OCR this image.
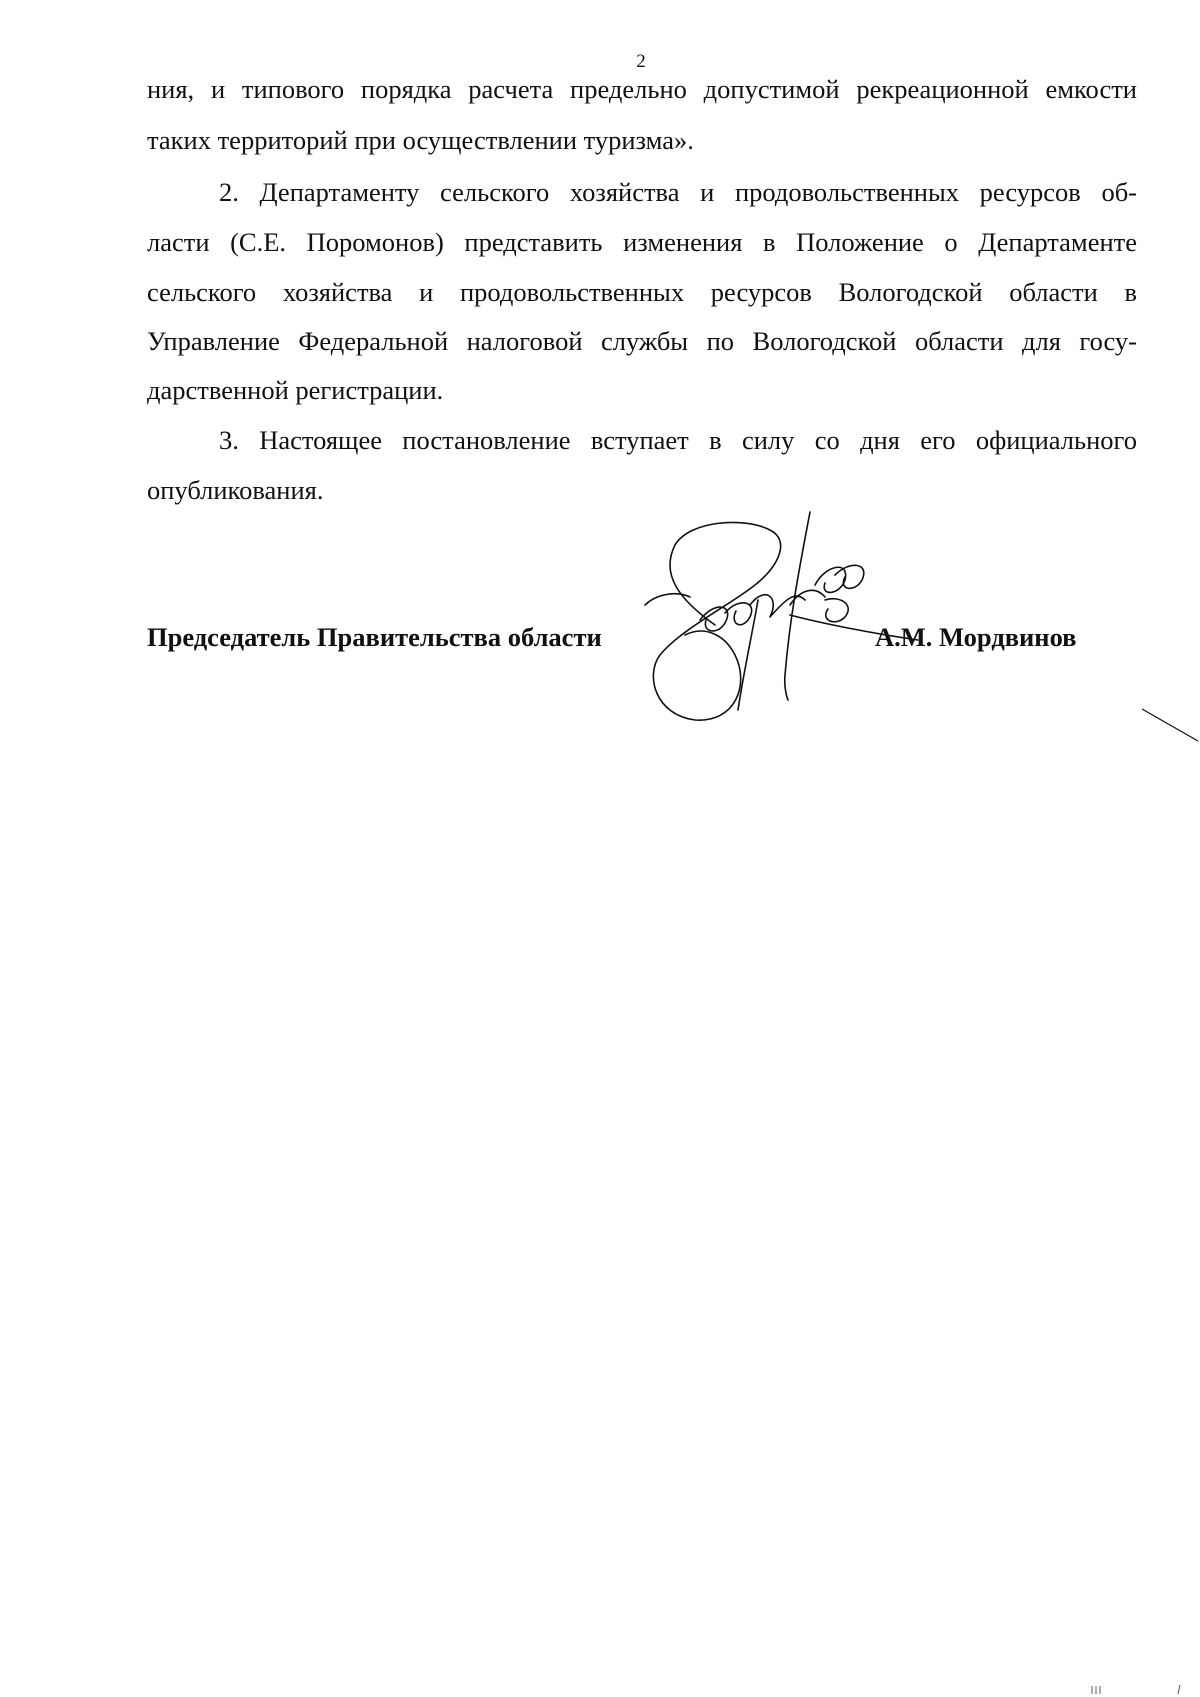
2
ния, и типового порядка расчета предельно допустимой рекреационной емкости
таких территорий при осуществлении туризма».
2. Департаменту сельского хозяйства и продовольственных ресурсов об-
ласти (С.Е. Поромонов) представить изменения в Положение о Департаменте
сельского хозяйства и продовольственных ресурсов Вологодской области в
Управление Федеральной налоговой службы по Вологодской области для госу-
дарственной регистрации.
3. Настоящее постановление вступает в силу со дня его официального
опубликования.
Председатель Правительства области	А.М. Мордвинов
